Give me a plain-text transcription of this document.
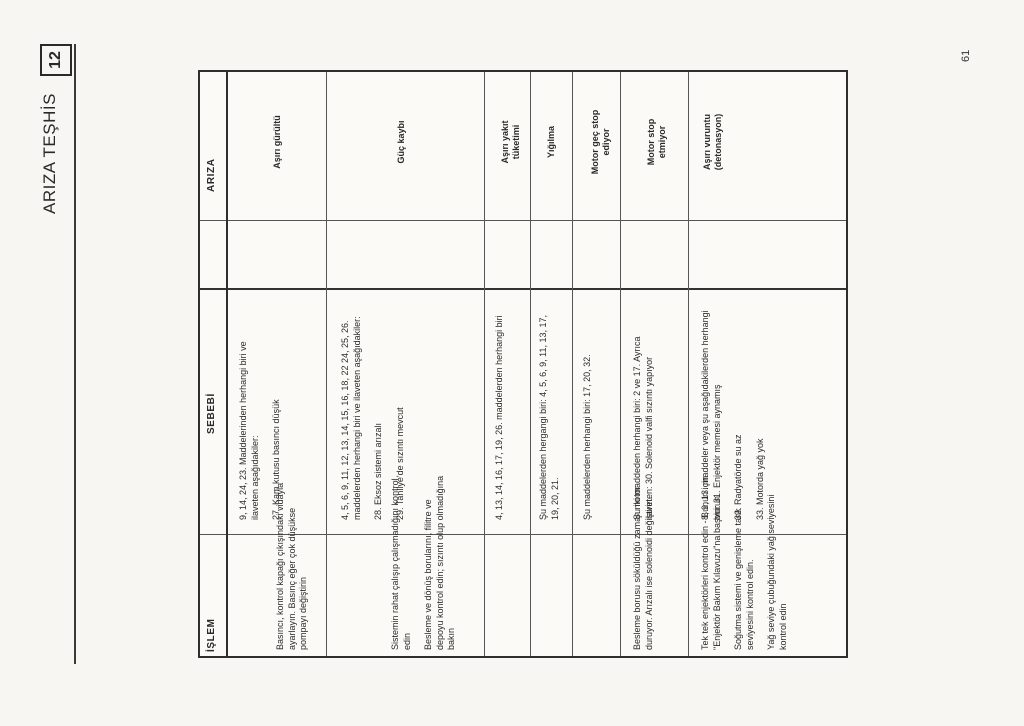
ARIZA TEŞHİS
12	61
ARIZA
SEBEBİ
İŞLEM
Aşırı gürültü

9, 14, 24, 23. Maddelerinden herhangi biri ve ilaveten aşağıdakiler: 27. Kam kutusu basıncı düşük

Basıncı, kontrol kapağı çıkışındaki vidayla ayarlayın. Basınç eğer çok düşükse pompayı değiştirin

Güç kaybı

4, 5, 6, 9, 11, 12, 13, 14, 15, 16, 18, 22 24, 25, 26. maddelerden herhangi biri ve ilaveten aşağıdakiler: 28. Eksoz sistemi arızalı 29. Tahliye'de sızıntı mevcut

Sistemin rahat çalışıp çalışmadığını kontrol edin Besleme ve dönüş borularını, filitre ve depoyu kontrol edin; sızıntı olup olmadığına bakın

Aşırı yakıt tüketimi

4, 13, 14, 16, 17, 19, 26. maddelerden herhangi biri

Yığılma

Şu maddelerden hergangi biri: 4, 5, 6, 9, 11, 13, 17, 19, 20, 21.

Motor geç stop ediyor

Şu maddelerden herhangi biri: 17, 20, 32.

Motor stop etmiyor

Şu iki maddeden herhangi biri: 2 ve 17. Ayrıca ilaveten: 30. Solenoid valfi sızıntı yapıyor

Besleme borusu söküldüğü zaman motor duruyor. Arızalı ise solenoidi değiştirin.

Aşırı vuruntu (detonasyon)

8, 9, 13. maddeler veya şu aşağıdakilerden herhangi biri: 31. Enjektör memesi aynamış 32. Radyatörde su az 33. Motorda yağ yok

Tek tek enjektörleri kontrol edin - Bunun için "Enjektör Bakım Kılavuzu"na başvurun Soğutma sistemi ve genişleme tank seviyesini kontrol edin. Yağ seviye çubuğundaki yağ seviyesini kontrol edin
